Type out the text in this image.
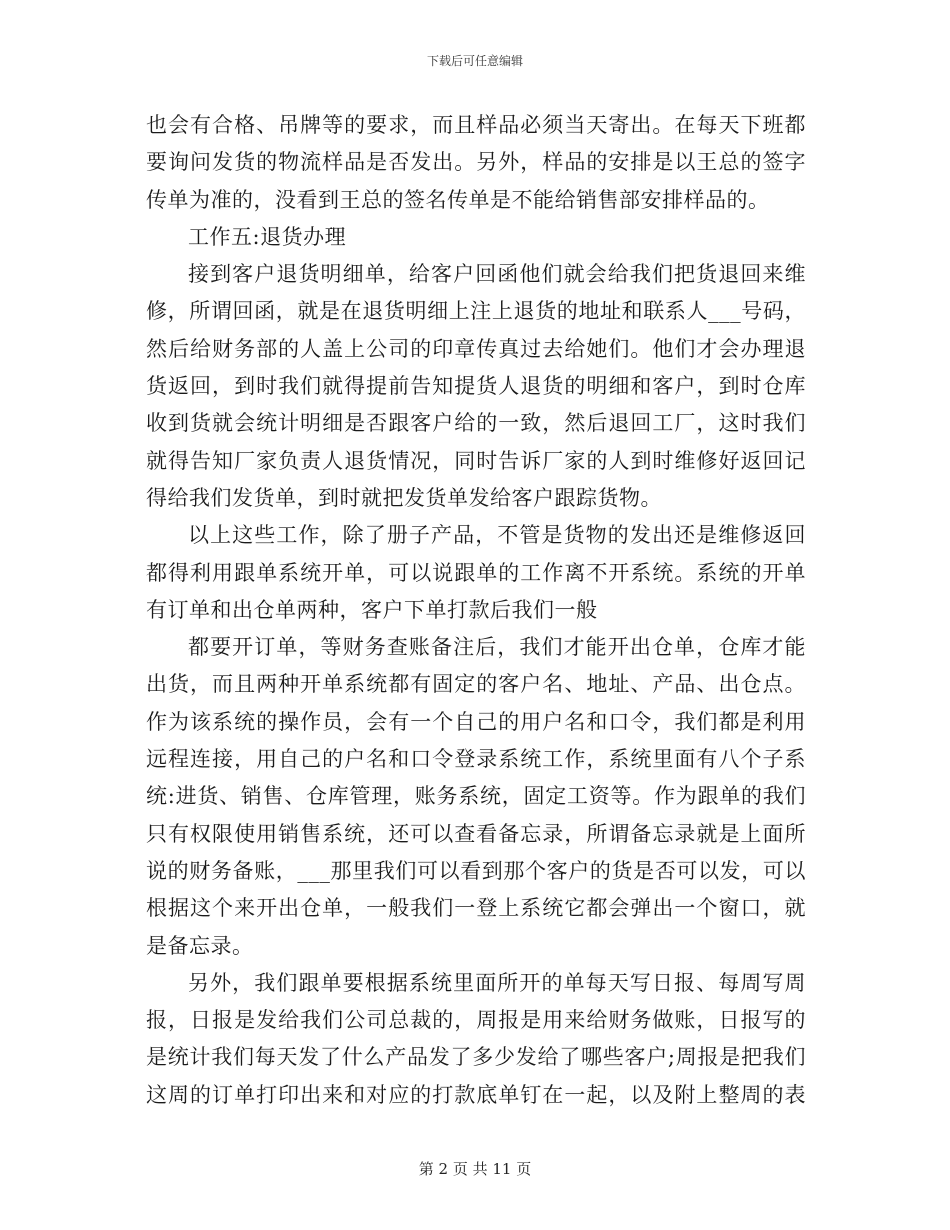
下载后可任意编辑
也会有合格、吊牌等的要求，而且样品必须当天寄出。在每天下班都
要询问发货的物流样品是否发出。另外，样品的安排是以王总的签字
传单为准的，没看到王总的签名传单是不能给销售部安排样品的。
工作五:退货办理
接到客户退货明细单，给客户回函他们就会给我们把货退回来维
修，所谓回函，就是在退货明细上注上退货的地址和联系人___号码，
然后给财务部的人盖上公司的印章传真过去给她们。他们才会办理退
货返回，到时我们就得提前告知提货人退货的明细和客户，到时仓库
收到货就会统计明细是否跟客户给的一致，然后退回工厂，这时我们
就得告知厂家负责人退货情况，同时告诉厂家的人到时维修好返回记
得给我们发货单，到时就把发货单发给客户跟踪货物。
以上这些工作，除了册子产品，不管是货物的发出还是维修返回
都得利用跟单系统开单，可以说跟单的工作离不开系统。系统的开单
有订单和出仓单两种，客户下单打款后我们一般
都要开订单，等财务查账备注后，我们才能开出仓单，仓库才能
出货，而且两种开单系统都有固定的客户名、地址、产品、出仓点。
作为该系统的操作员，会有一个自己的用户名和口令，我们都是利用
远程连接，用自己的户名和口令登录系统工作，系统里面有八个子系
统:进货、销售、仓库管理，账务系统，固定工资等。作为跟单的我们
只有权限使用销售系统，还可以查看备忘录，所谓备忘录就是上面所
说的财务备账，___那里我们可以看到那个客户的货是否可以发，可以
根据这个来开出仓单，一般我们一登上系统它都会弹出一个窗口，就
是备忘录。
另外，我们跟单要根据系统里面所开的单每天写日报、每周写周
报，日报是发给我们公司总裁的，周报是用来给财务做账，日报写的
是统计我们每天发了什么产品发了多少发给了哪些客户;周报是把我们
这周的订单打印出来和对应的打款底单钉在一起，以及附上整周的表
第 2 页 共 11 页
